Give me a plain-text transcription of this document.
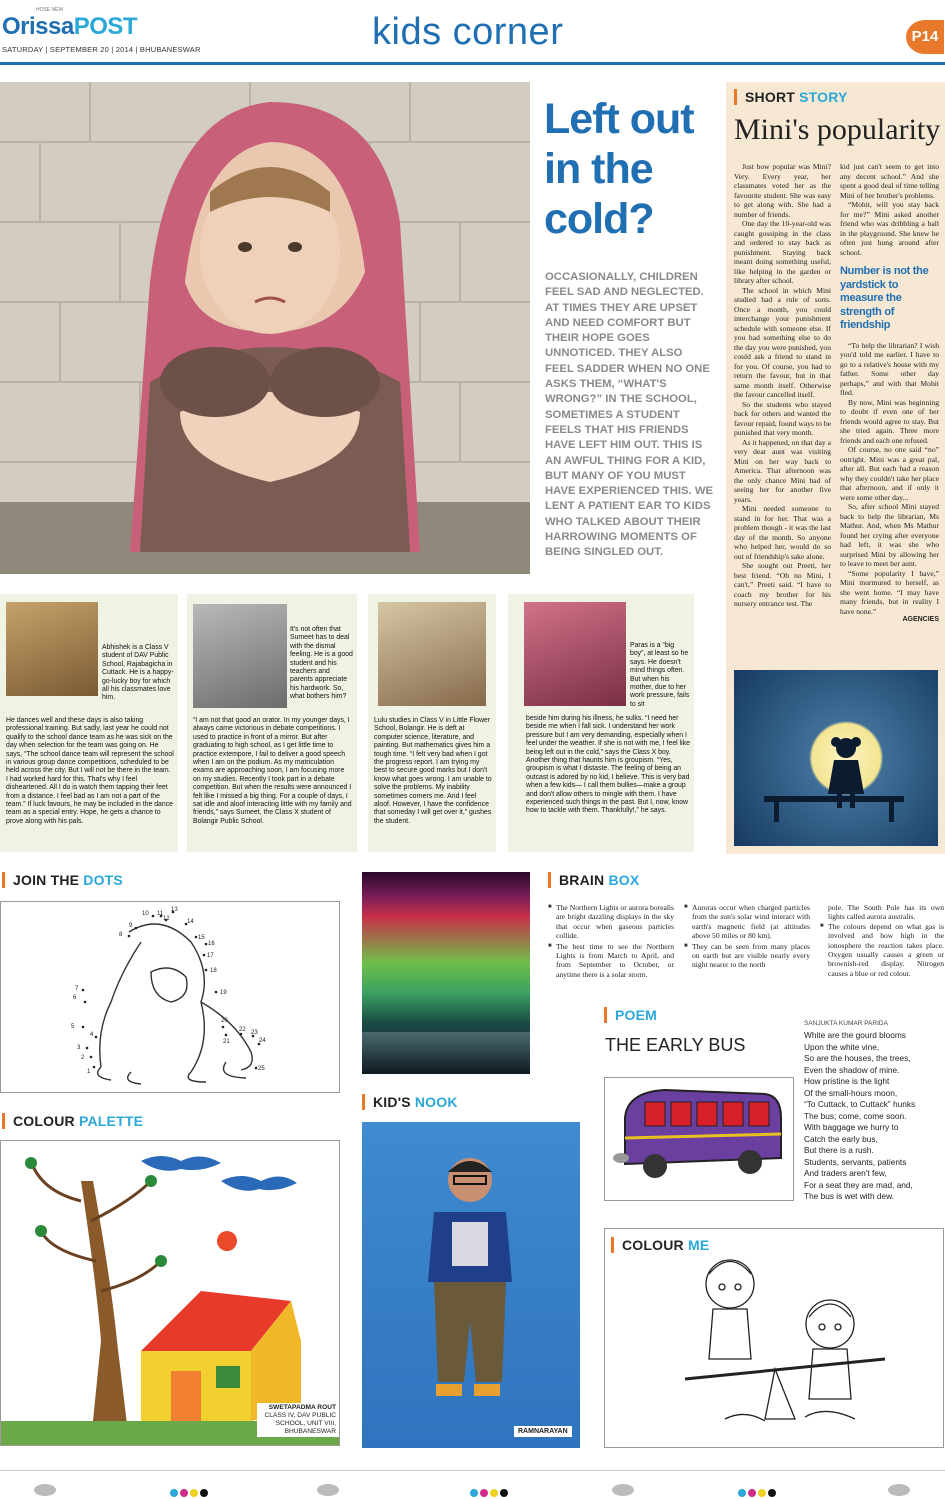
OrissaPOST
HOSE NEW
SATURDAY | SEPTEMBER 20 | 2014 | BHUBANESWAR	kids corner	P14
Left out in the cold?
OCCASIONALLY, CHILDREN FEEL SAD AND NEGLECTED. AT TIMES THEY ARE UPSET AND NEED COMFORT BUT THEIR HOPE GOES UNNOTICED. THEY ALSO FEEL SADDER WHEN NO ONE ASKS THEM, “WHAT'S WRONG?” IN THE SCHOOL, SOMETIMES A STUDENT FEELS THAT HIS FRIENDS HAVE LEFT HIM OUT. THIS IS AN AWFUL THING FOR A KID, BUT MANY OF YOU MUST HAVE EXPERIENCED THIS. WE LENT A PATIENT EAR TO KIDS WHO TALKED ABOUT THEIR HARROWING MOMENTS OF BEING SINGLED OUT.
SHORT STORY
Mini's popularity

Just how popular was Mini? Very. Every year, her classmates voted her as the favourite student. She was easy to get along with. She had a number of friends.

One day the 10-year-old was caught gossiping in the class and ordered to stay back as punishment. Staying back meant doing something useful, like helping in the garden or library after school.

The school in which Mini studied had a rule of sorts. Once a month, you could interchange your punishment schedule with someone else. If you had something else to do the day you were punished, you could ask a friend to stand in for you. Of course, you had to return the favour, but in that same month itself. Otherwise the favour cancelled itself.

So the students who stayed back for others and wanted the favour repaid, found ways to be punished that very month.

As it happened, on that day a very dear aunt was visiting Mini on her way back to America. That afternoon was the only chance Mini had of seeing her for another five years.

Mini needed someone to stand in for her. That was a problem though - it was the last day of the month. So anyone who helped her, would do so out of friendship's sake alone.

She sought out Preeti, her best friend. “Oh no Mini, I can't,” Preeti said. “I have to coach my brother for his nursery entrance test. The

kid just can't seem to get into any decent school.” And she spent a good deal of time telling Mini of her brother's problems.

“Mohit, will you stay back for me?” Mini asked another friend who was dribbling a ball in the playground. She knew he often just hung around after school.

Number is not the yardstick to measure the strength of friendship

“To help the librarian? I wish you'd told me earlier. I have to go to a relative's house with my father. Some other day perhaps,” and with that Mohit fled.

By now, Mini was beginning to doubt if even one of her friends would agree to stay. But she tried again. Three more friends and each one refused.

Of course, no one said “no” outright. Mini was a great pal, after all. But each had a reason why they couldn't take her place that afternoon, and if only it were some other day...

So, after school Mini stayed back to help the librarian, Ms Mathur. And, when Ms Mathur found her crying after everyone had left, it was she who surprised Mini by allowing her to leave to meet her aunt.

“Some popularity I have,” Mini murmured to herself, as she went home. “I may have many friends, but in reality I have none.”

AGENCIES
Abhishek is a Class V student of DAV Public School, Rajabagicha in Cuttack. He is a happy-go-lucky boy for which all his classmates love him.
He dances well and these days is also taking professional training. But sadly, last year he could not qualify to the school dance team as he was sick on the day when selection for the team was going on. He says, “The school dance team will represent the school in various group dance competitions, scheduled to be held across the city. But I will not be there in the team. I had worked hard for this. That's why I feel disheartened. All I do is watch them tapping their feet from a distance. I feel bad as I am not a part of the team.” If luck favours, he may be included in the dance team as a special entry. Hope, he gets a chance to prove along with his pals.
It's not often that Sumeet has to deal with the dismal feeling. He is a good student and his teachers and parents appreciate his hardwork. So, what bothers him?
“I am not that good an orator. In my younger days, I always came victorious in debate competitions. I used to practice in front of a mirror. But after graduating to high school, as I get little time to practice extempore, I fail to deliver a good speech when I am on the podium. As my matriculation exams are approaching soon, I am focusing more on my studies. Recently I took part in a debate competition. But when the results were announced I felt like I missed a big thing. For a couple of days, I sat idle and aloof interacting little with my family and friends,” says Sumeet, the Class X student of Bolangir Public School.
Lulu studies in Class V in Little Flower School, Bolangir. He is deft at computer science, literature, and painting. But mathematics gives him a tough time. “I felt very bad when I got the progress report. I am trying my best to secure good marks but I don't know what goes wrong. I am unable to solve the problems. My inability sometimes corners me. And I feel aloof. However, I have the confidence that someday I will get over it,” gushes the student.
Paras is a “big boy”, at least so he says. He doesn't mind things often. But when his mother, due to her work pressure, fails to sit
beside him during his illness, he sulks. “I need her beside me when I fall sick. I understand her work pressure but I am very demanding, especially when I feel under the weather. If she is not with me, I feel like being left out in the cold,” says the Class X boy. Another thing that haunts him is groupism. “Yes, groupism is what I distaste. The feeling of being an outcast is adored by no kid, I believe. This is very bad when a few kids— I call them bullies—make a group and don't allow others to mingle with them. I have experienced such things in the past. But I, now, know how to tackle with them. Thankfully!,” he says.
JOIN THE DOTS
1
2
3
4
5
6
7
8
9
10 11
12
13
14
15
16
17
18
19
20
21
22 23
24
25
BRAIN BOX
■ The Northern Lights or aurora borealis are bright dazzling displays in the sky that occur when gaseous particles collide.
■ The best time to see the Northern Lights is from March to April, and from September to October, or anytime there is a solar storm.
■ Auroras occur when charged particles from the sun's solar wind interact with earth's magnetic field (at altitudes above 50 miles or 80 km).
■ They can be seen from many places on earth but are visible nearly every night nearer to the north
pole. The South Pole has its own lights called aurora australis.
■ The colours depend on what gas is involved and how high in the ionosphere the reaction takes place. Oxygen usually causes a green or brownish-red display. Nitrogen causes a blue or red colour.
POEM
THE EARLY BUS
SANJUKTA KUMAR PARIDA
White are the gourd blooms
Upon the white vine,
So are the houses, the trees,
Even the shadow of mine.
How pristine is the light
Of the small-hours moon,
“To Cuttack, to Cuttack” hunks
The bus; come, come soon.
With baggage we hurry to
Catch the early bus,
But there is a rush.
Students, servants, patients
And traders aren't few,
For a seat they are mad, and,
The bus is wet with dew.
COLOUR PALETTE
SWETAPADMA ROUT
CLASS IV, DAV PUBLIC
SCHOOL, UNIT VIII,
BHUBANESWAR
KID'S NOOK
RAMNARAYAN
COLOUR ME
